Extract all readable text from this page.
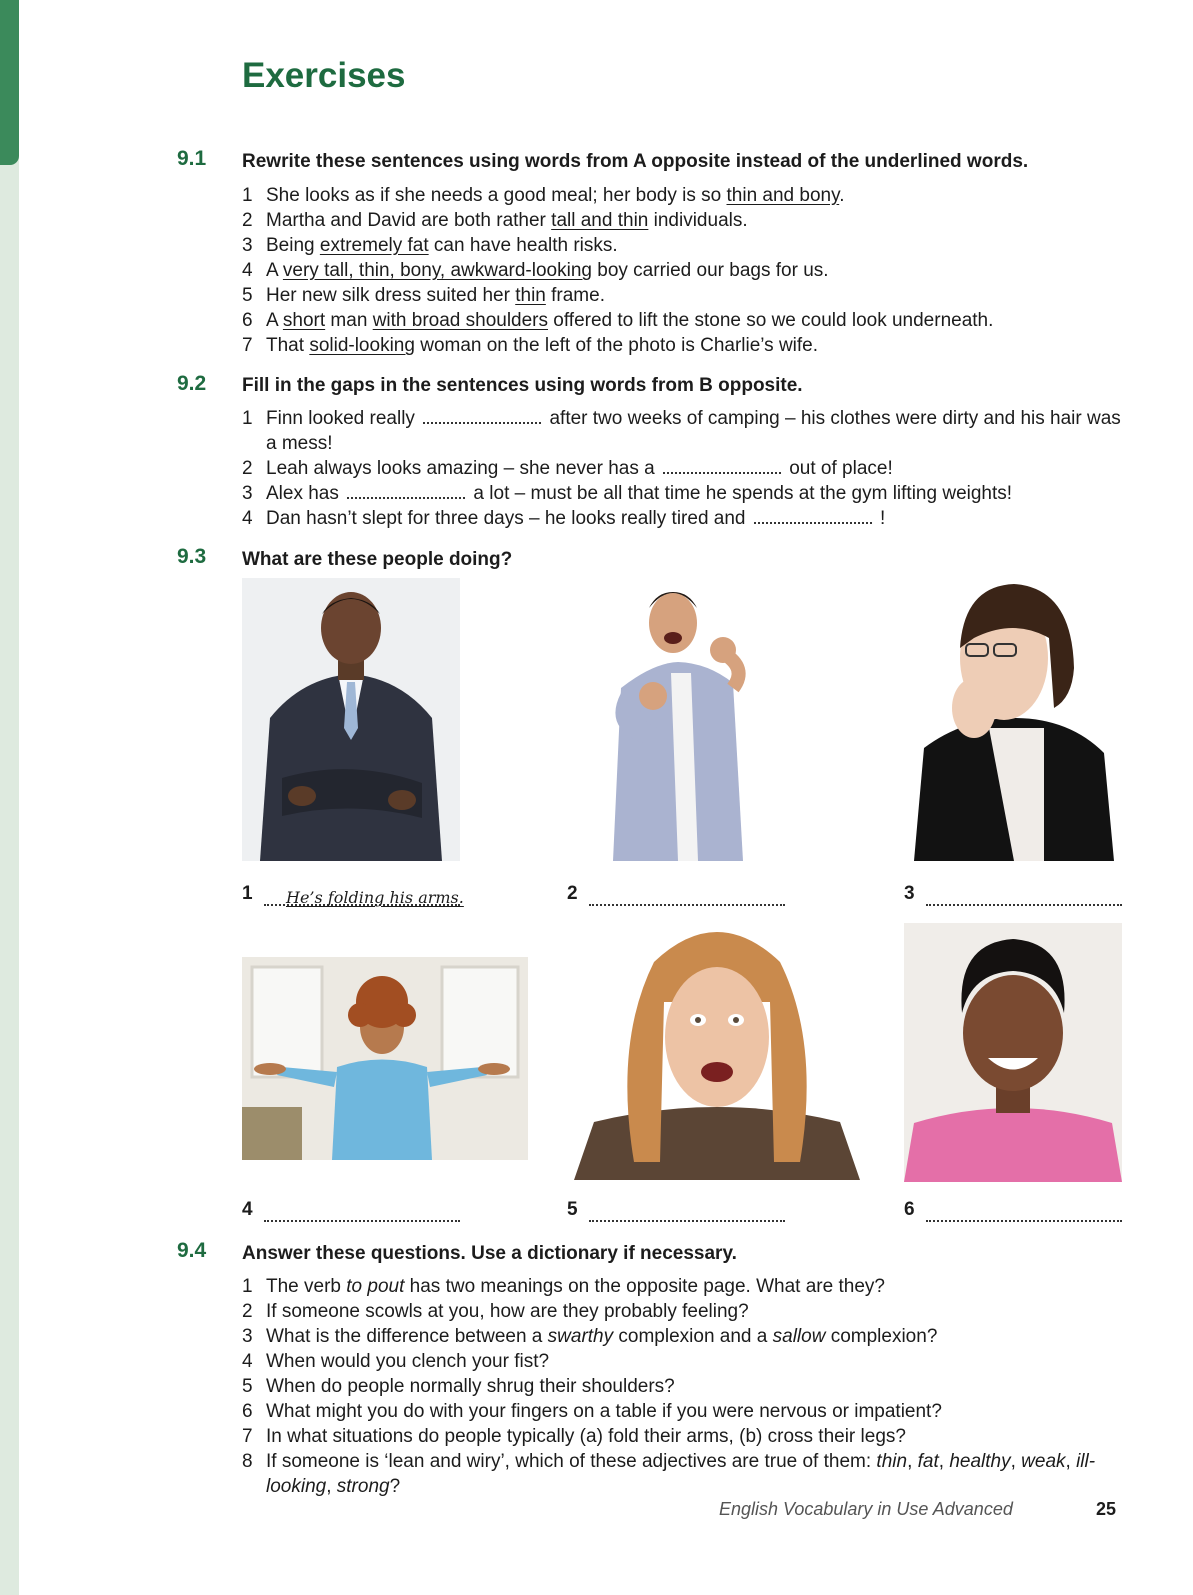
Exercises
9.1 Rewrite these sentences using words from A opposite instead of the underlined words.
1 She looks as if she needs a good meal; her body is so thin and bony.
2 Martha and David are both rather tall and thin individuals.
3 Being extremely fat can have health risks.
4 A very tall, thin, bony, awkward-looking boy carried our bags for us.
5 Her new silk dress suited her thin frame.
6 A short man with broad shoulders offered to lift the stone so we could look underneath.
7 That solid-looking woman on the left of the photo is Charlie’s wife.
9.2 Fill in the gaps in the sentences using words from B opposite.
1 Finn looked really	after two weeks of camping – his clothes were dirty and his hair was a mess!
2 Leah always looks amazing – she never has a	out of place!
3 Alex has	a lot – must be all that time he spends at the gym lifting weights!
4 Dan hasn’t slept for three days – he looks really tired and	!
9.3 What are these people doing?
1 He’s folding his arms.	2	3
4	5	6
9.4 Answer these questions. Use a dictionary if necessary.
1 The verb to pout has two meanings on the opposite page. What are they?
2 If someone scowls at you, how are they probably feeling?
3 What is the difference between a swarthy complexion and a sallow complexion?
4 When would you clench your fist?
5 When do people normally shrug their shoulders?
6 What might you do with your fingers on a table if you were nervous or impatient?
7 In what situations do people typically (a) fold their arms, (b) cross their legs?
8 If someone is ‘lean and wiry’, which of these adjectives are true of them: thin, fat, healthy, weak, ill-looking, strong?
English Vocabulary in Use Advanced	25
